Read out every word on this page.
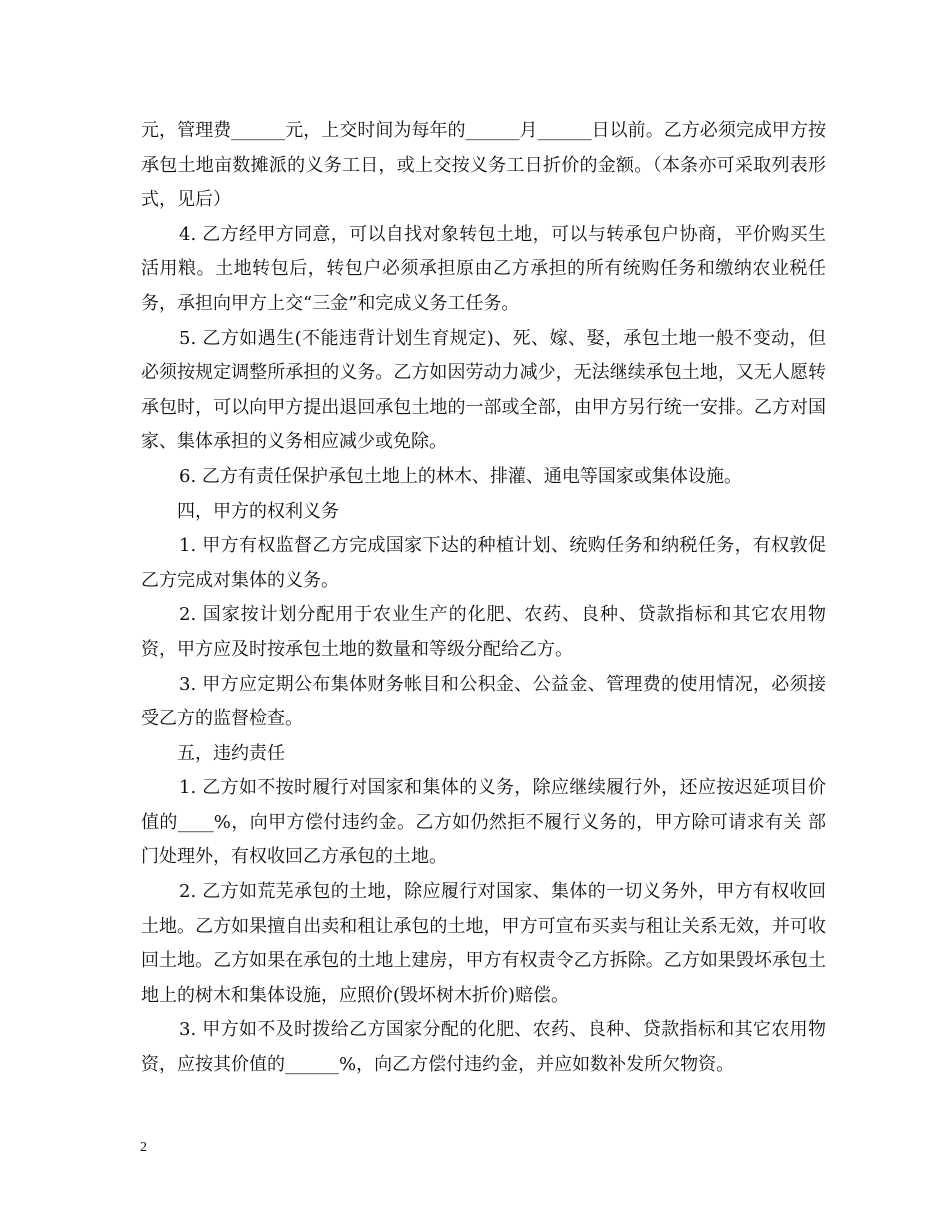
元，管理费______元，上交时间为每年的______月______日以前。乙方必须完成甲方按承包土地亩数摊派的义务工日，或上交按义务工日折价的金额。（本条亦可采取列表形式，见后）

4. 乙方经甲方同意，可以自找对象转包土地，可以与转承包户协商，平价购买生活用粮。土地转包后，转包户必须承担原由乙方承担的所有统购任务和缴纳农业税任务，承担向甲方上交“三金”和完成义务工任务。

5. 乙方如遇生(不能违背计划生育规定)、死、嫁、娶，承包土地一般不变动，但必须按规定调整所承担的义务。乙方如因劳动力减少，无法继续承包土地，又无人愿转承包时，可以向甲方提出退回承包土地的一部或全部，由甲方另行统一安排。乙方对国家、集体承担的义务相应减少或免除。

6. 乙方有责任保护承包土地上的林木、排灌、通电等国家或集体设施。

四，甲方的权利义务

1. 甲方有权监督乙方完成国家下达的种植计划、统购任务和纳税任务，有权敦促乙方完成对集体的义务。

2. 国家按计划分配用于农业生产的化肥、农药、良种、贷款指标和其它农用物资，甲方应及时按承包土地的数量和等级分配给乙方。

3. 甲方应定期公布集体财务帐目和公积金、公益金、管理费的使用情况，必须接受乙方的监督检查。

五，违约责任

1. 乙方如不按时履行对国家和集体的义务，除应继续履行外，还应按迟延项目价值的____%，向甲方偿付违约金。乙方如仍然拒不履行义务的，甲方除可请求有关 部门处理外，有权收回乙方承包的土地。

2. 乙方如荒芜承包的土地，除应履行对国家、集体的一切义务外，甲方有权收回土地。乙方如果擅自出卖和租让承包的土地，甲方可宣布买卖与租让关系无效，并可收回土地。乙方如果在承包的土地上建房，甲方有权责令乙方拆除。乙方如果毁坏承包土地上的树木和集体设施，应照价(毁坏树木折价)赔偿。

3. 甲方如不及时拨给乙方国家分配的化肥、农药、良种、贷款指标和其它农用物资，应按其价值的______%，向乙方偿付违约金，并应如数补发所欠物资。

2
